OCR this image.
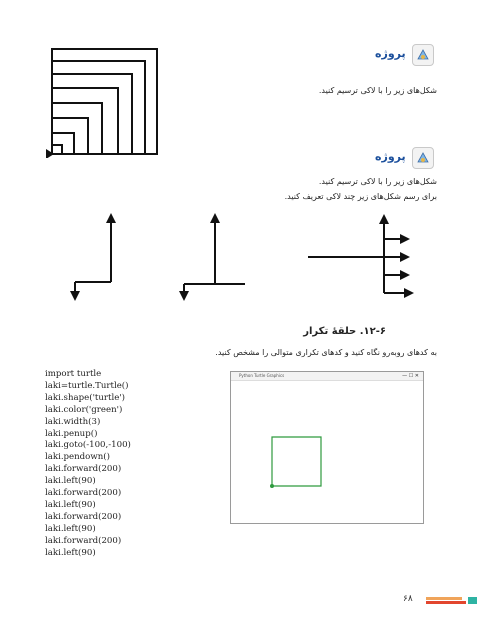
پروژه
شکل‌های زیر را با لاکی ترسیم کنید.
پروژه
شکل‌های زیر را با لاکی ترسیم کنید.
برای رسم شکل‌های زیر چند لاکی تعریف کنید.
۱۲-۶. حلقهٔ تکرار
به کدهای روبه‌رو نگاه کنید و کدهای تکراری متوالی را مشخص کنید.
import turtle
laki=turtle.Turtle()
laki.shape('turtle')
laki.color('green')
laki.width(3)
laki.penup()
laki.goto(-100,-100)
laki.pendown()
laki.forward(200)
laki.left(90)
laki.forward(200)
laki.left(90)
laki.forward(200)
laki.left(90)
laki.forward(200)
laki.left(90)
Python Turtle Graphics	— ☐ ✕
۶۸
